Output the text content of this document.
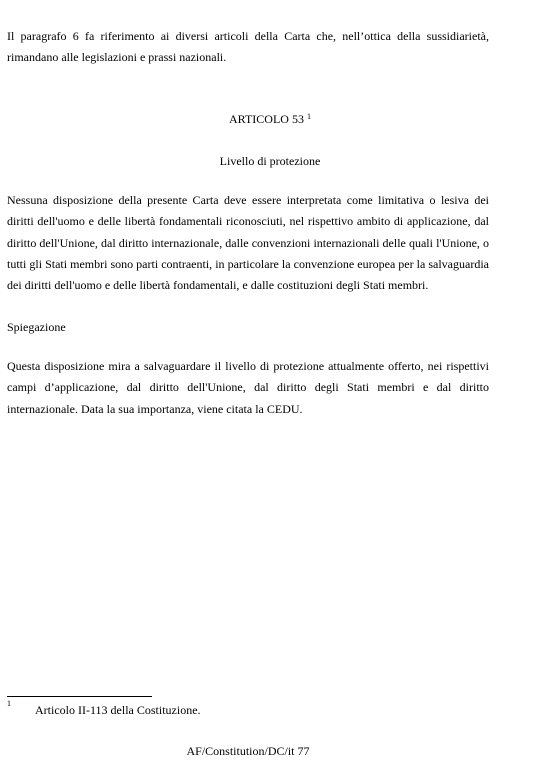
Il paragrafo 6 fa riferimento ai diversi articoli della Carta che, nell’ottica della sussidiarietà, rimandano alle legislazioni e prassi nazionali.

ARTICOLO 53 $^1$

Livello di protezione

Nessuna disposizione della presente Carta deve essere interpretata come limitativa o lesiva dei diritti dell'uomo e delle libertà fondamentali riconosciuti, nel rispettivo ambito di applicazione, dal diritto dell'Unione, dal diritto internazionale, dalle convenzioni internazionali delle quali l'Unione, o tutti gli Stati membri sono parti contraenti, in particolare la convenzione europea per la salvaguardia dei diritti dell'uomo e delle libertà fondamentali, e dalle costituzioni degli Stati membri.

Spiegazione

Questa disposizione mira a salvaguardare il livello di protezione attualmente offerto, nei rispettivi campi d’applicazione, dal diritto dell'Unione, dal diritto degli Stati membri e dal diritto internazionale. Data la sua importanza, viene citata la CEDU.

1 Articolo II-113 della Costituzione.
AF/Constitution/DC/it 77
